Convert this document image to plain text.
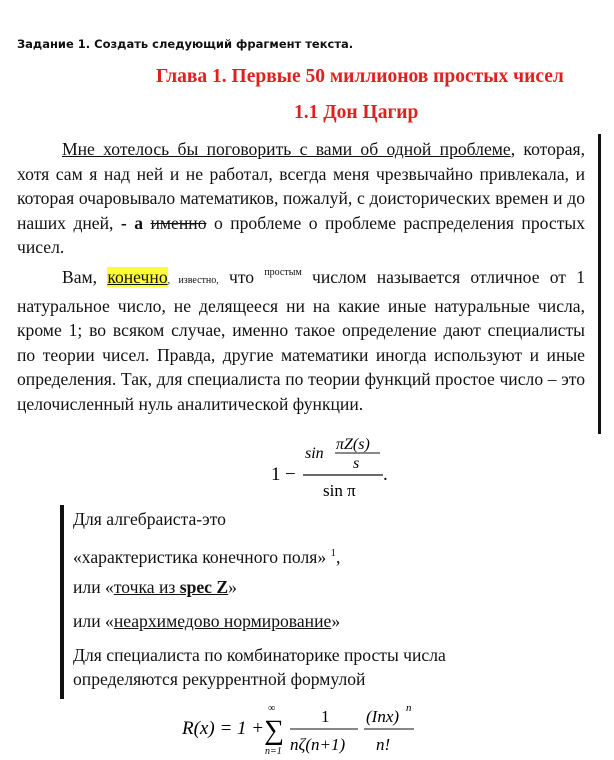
Задание 1. Создать следующий фрагмент текста.
Глава 1. Первые 50 миллионов простых чисел
1.1 Дон Цагир
Мне хотелось бы поговорить с вами об одной проблеме, которая, хотя сам я над ней и не работал, всегда меня чрезвычайно привлекала, и которая очаровывало математиков, пожалуй, с доисторических времен и до наших дней, - а именно о проблеме о проблеме распределения простых чисел.
Вам, конечно, известно, что $^{простым}$ числом называется отличное от 1 натуральное число, не делящееся ни на какие иные натуральные числа, кроме 1; во всяком случае, именно такое определение дают специалисты по теории чисел. Правда, другие математики иногда используют и иные определения. Так, для специалиста по теории функций простое число – это целочисленный нуль аналитической функции.
1 −
sin
πZ(s)
s
sin π
.
Для алгебраиста-это
«характеристика конечного поля» $^1$,
или «точка из spec Z»
или «неархимедово нормирование»
Для специалиста по комбинаторике просты числа
определяются рекуррентной формулой
R(x) = 1 +
∞
∑
n=1
1
nζ(n+1)
(Inx) n
n!
